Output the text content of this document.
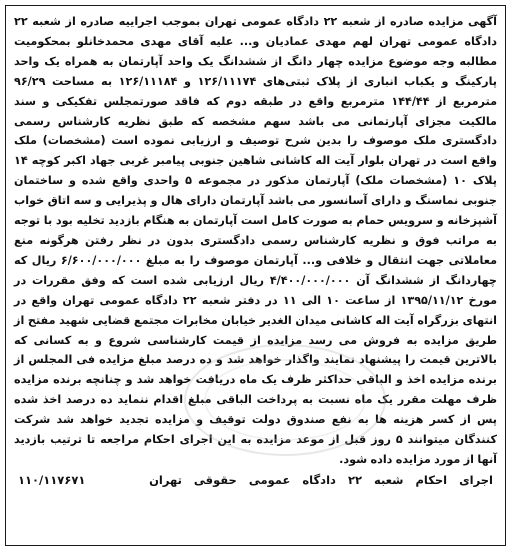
آگهی مزایده صادره از شعبه ۲۲ دادگاه عمومی تهران بموجب اجراییه صادره از شعبه ۲۲ دادگاه عمومی تهران لهم مهدی عمادیان و... علیه آقای مهدی محمدخانلو بمحکومیت مطالبه وجه موضوع مزایده چهار دانگ از ششدانگ یک واحد آپارتمان به همراه یک واحد پارکینگ و یکباب انباری از پلاک ثبتی‌های ۱۲۶/۱۱۱۷۴ و ۱۲۶/۱۱۱۸۴ به مساحت ۹۶/۲۹ مترمربع از ۱۴۴/۴۴ مترمربع واقع در طبقه دوم که فاقد صورتمجلس تفکیکی و سند مالکیت مجزای آپارتمانی می باشد سهم مشخصه که طبق نظریه کارشناس رسمی دادگستری ملک موصوف را بدین شرح توصیف و ارزیابی نموده است (مشخصات) ملک واقع است در تهران بلوار آیت اله کاشانی شاهین جنوبی پیامبر غربی جهاد اکبر کوچه ۱۴ پلاک ۱۰ (مشخصات ملک) آپارتمان مذکور در مجموعه ۵ واحدی واقع شده و ساختمان جنوبی نماسنگ و دارای آسانسور می باشد آپارتمان دارای هال و پذیرایی و سه اتاق خواب آشپزخانه و سرویس حمام به صورت کامل است آپارتمان به هنگام بازدید تخلیه بود با توجه به مراتب فوق و نظریه کارشناس رسمی دادگستری بدون در نظر رفتن هرگونه منع معاملاتی جهت انتقال و خلافی و... آپارتمان موصوف را به مبلغ ۶/۶۰۰/۰۰۰/۰۰۰ ریال که چهاردانگ از ششدانگ آن ۴/۴۰۰/۰۰۰/۰۰۰ ریال ارزیابی شده است که وفق مقررات در مورخ ۱۳۹۵/۱۱/۱۲ از ساعت ۱۰ الی ۱۱ در دفتر شعبه ۲۲ دادگاه عمومی تهران واقع در انتهای بزرگراه آیت اله کاشانی میدان الغدیر خیابان مخابرات مجتمع قضایی شهید مفتح از طریق مزایده به فروش می رسد مزایده از قیمت کارشناسی شروع و به کسانی که بالاترین قیمت را پیشنهاد نمایند واگذار خواهد شد و ده درصد مبلغ مزایده فی المجلس از برنده مزایده اخذ و الباقی حداکثر ظرف یک ماه دریافت خواهد شد و چنانچه برنده مزایده ظرف مهلت مقرر یک ماه نسبت به پرداخت الباقی مبلغ اقدام ننماید ده درصد اخذ شده پس از کسر هزینه ها به نفع صندوق دولت توقیف و مزایده تجدید خواهد شد شرکت کنندگان میتوانند ۵ روز قبل از موعد مزایده به این اجرای احکام مراجعه تا ترتیب بازدید آنها از مورد مزایده داده شود.

اجرای احکام شعبه ۲۲ دادگاه عمومی حقوقی تهران
۱۱۰/۱۱۷۶۷۱
